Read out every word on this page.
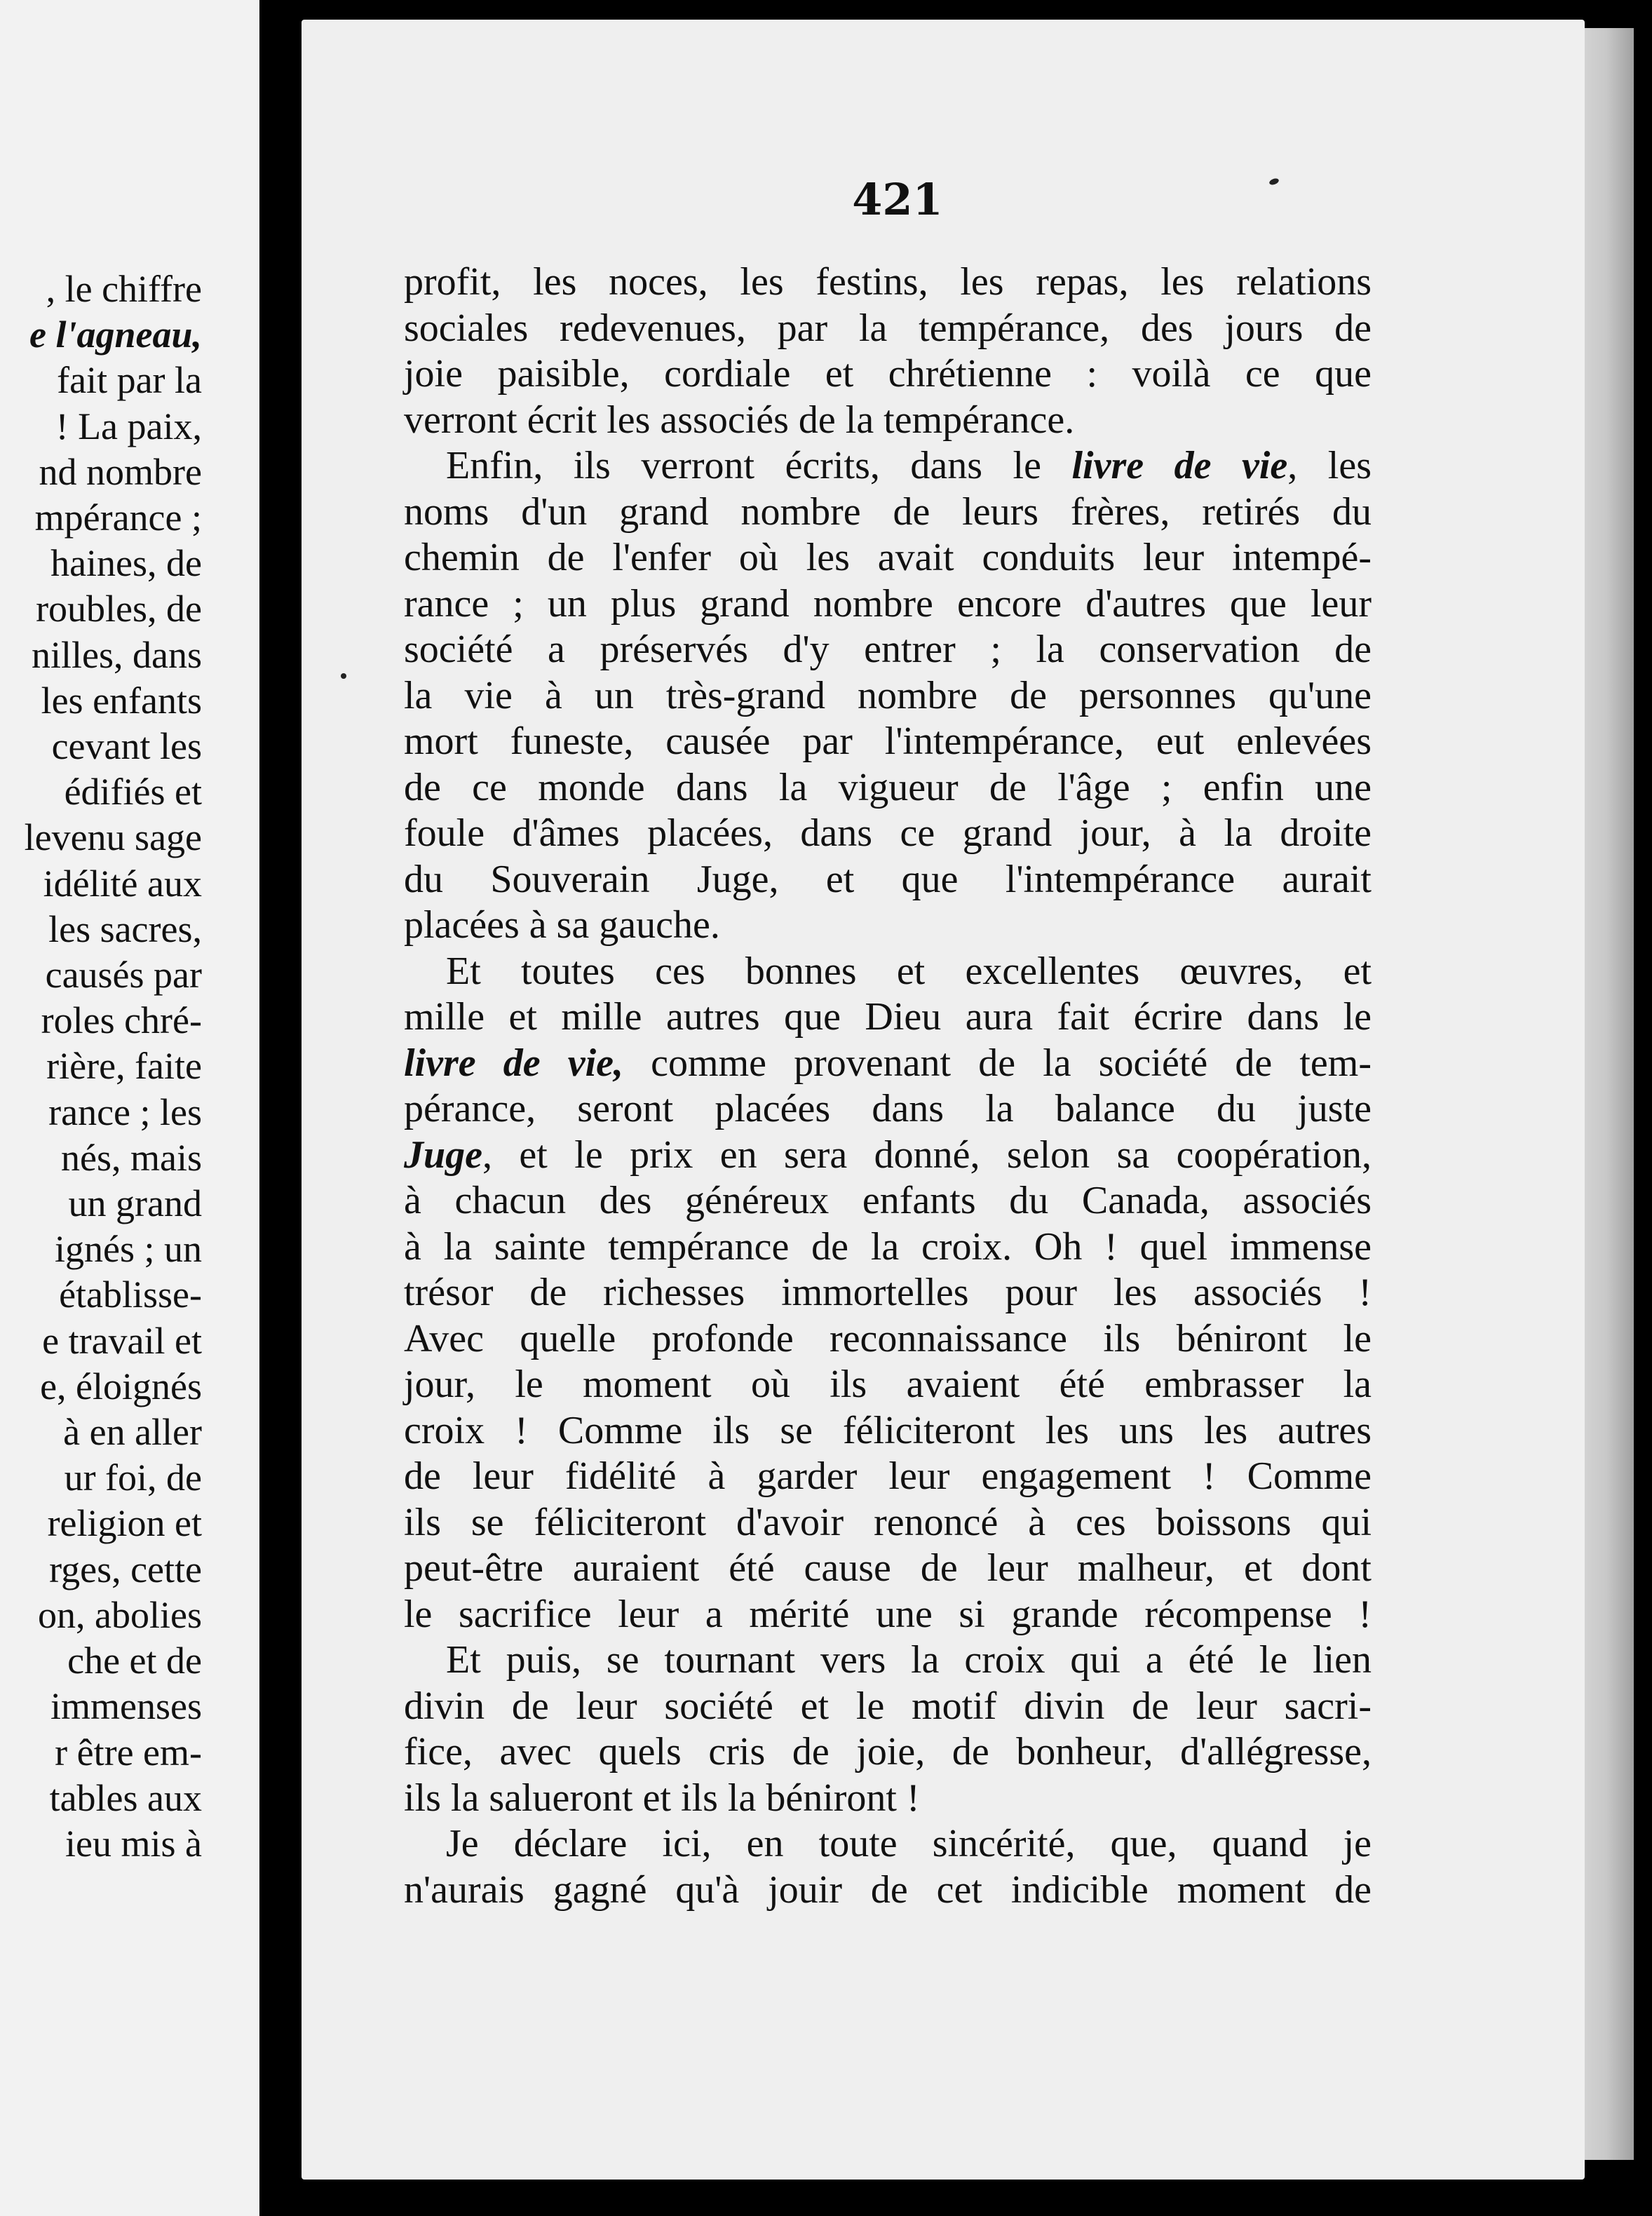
, le chiffre
e l'agneau,
fait par la
! La paix,
nd nombre
mpérance ;
haines, de
roubles, de
nilles, dans
les enfants
cevant les
édifiés et
levenu sage
idélité aux
les sacres,
causés par
roles chré-
rière, faite
rance ; les
nés, mais
un grand
ignés ; un
établisse-
e travail et
e, éloignés
à en aller
ur foi, de
religion et
rges, cette
on, abolies
che et de
immenses
r être em-
tables aux
ieu mis à
421
profit, les noces, les festins, les repas, les relations
sociales redevenues, par la tempérance, des jours de
joie paisible, cordiale et chrétienne : voilà ce que
verront écrit les associés de la tempérance.
Enfin, ils verront écrits, dans le livre de vie, les
noms d'un grand nombre de leurs frères, retirés du
chemin de l'enfer où les avait conduits leur intempé-
rance ; un plus grand nombre encore d'autres que leur
société a préservés d'y entrer ; la conservation de
la vie à un très-grand nombre de personnes qu'une
mort funeste, causée par l'intempérance, eut enlevées
de ce monde dans la vigueur de l'âge ; enfin une
foule d'âmes placées, dans ce grand jour, à la droite
du Souverain Juge, et que l'intempérance aurait
placées à sa gauche.
Et toutes ces bonnes et excellentes œuvres, et
mille et mille autres que Dieu aura fait écrire dans le
livre de vie, comme provenant de la société de tem-
pérance, seront placées dans la balance du juste
Juge, et le prix en sera donné, selon sa coopération,
à chacun des généreux enfants du Canada, associés
à la sainte tempérance de la croix. Oh ! quel immense
trésor de richesses immortelles pour les associés !
Avec quelle profonde reconnaissance ils béniront le
jour, le moment où ils avaient été embrasser la
croix ! Comme ils se féliciteront les uns les autres
de leur fidélité à garder leur engagement ! Comme
ils se féliciteront d'avoir renoncé à ces boissons qui
peut-être auraient été cause de leur malheur, et dont
le sacrifice leur a mérité une si grande récompense !
Et puis, se tournant vers la croix qui a été le lien
divin de leur société et le motif divin de leur sacri-
fice, avec quels cris de joie, de bonheur, d'allégresse,
ils la salueront et ils la béniront !
Je déclare ici, en toute sincérité, que, quand je
n'aurais gagné qu'à jouir de cet indicible moment de
